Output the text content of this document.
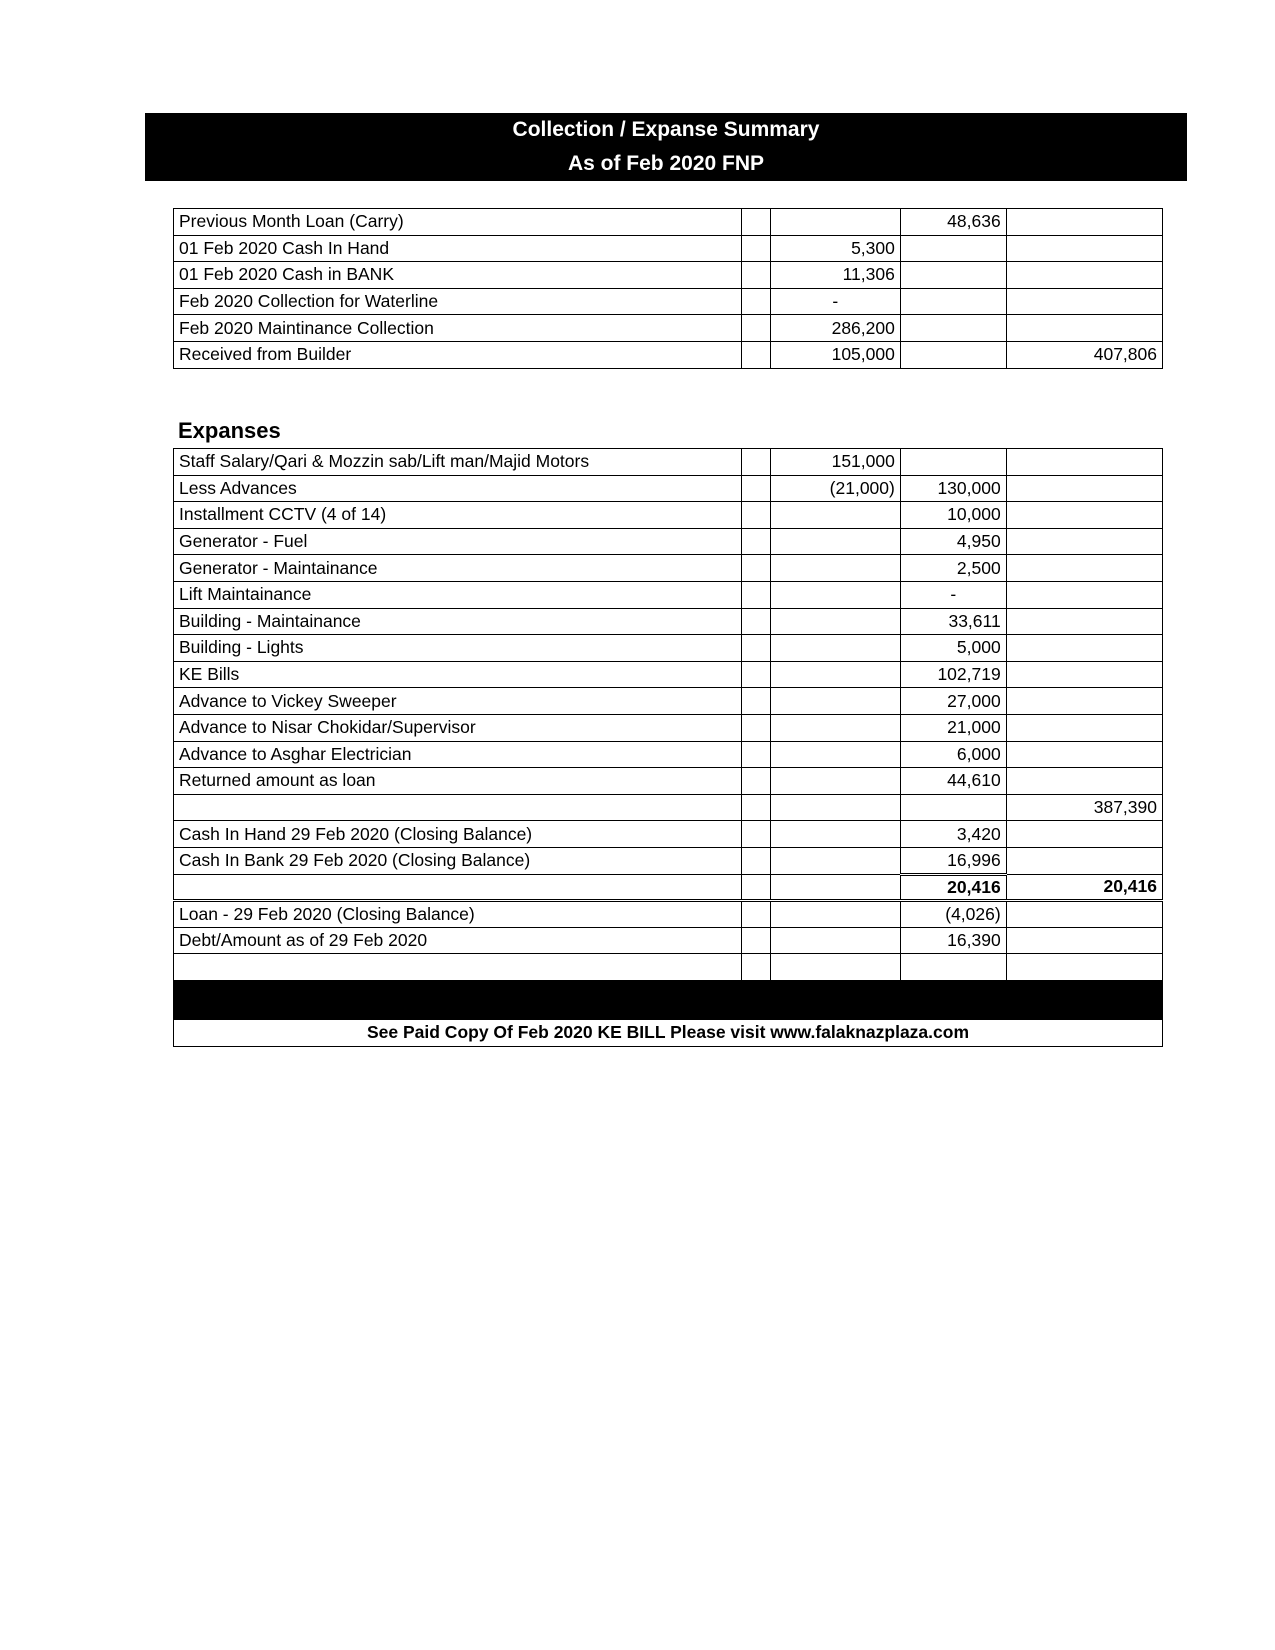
Collection / Expanse Summary
As of Feb 2020 FNP
Previous Month Loan (Carry)			48,636	
01 Feb 2020 Cash In Hand		5,300		
01 Feb 2020 Cash in BANK		11,306		
Feb 2020 Collection for Waterline		-		
Feb 2020 Maintinance Collection		286,200		
Received from Builder		105,000		407,806
Expanses
Staff Salary/Qari & Mozzin sab/Lift man/Majid Motors		151,000		
Less Advances		(21,000)	130,000	
Installment CCTV (4 of 14)			10,000	
Generator - Fuel			4,950	
Generator - Maintainance			2,500	
Lift Maintainance			-	
Building - Maintainance			33,611	
Building - Lights			5,000	
KE Bills			102,719	
Advance to Vickey Sweeper			27,000	
Advance to Nisar Chokidar/Supervisor			21,000	
Advance to Asghar Electrician			6,000	
Returned amount as loan			44,610	
				387,390
Cash In Hand 29 Feb 2020 (Closing Balance)			3,420	
Cash In Bank 29 Feb 2020 (Closing Balance)			16,996	
			20,416	20,416
Loan - 29 Feb 2020 (Closing Balance)			(4,026)	
Debt/Amount as of 29 Feb 2020			16,390	

See Paid Copy Of Feb 2020 KE BILL Please visit www.falaknazplaza.com				
